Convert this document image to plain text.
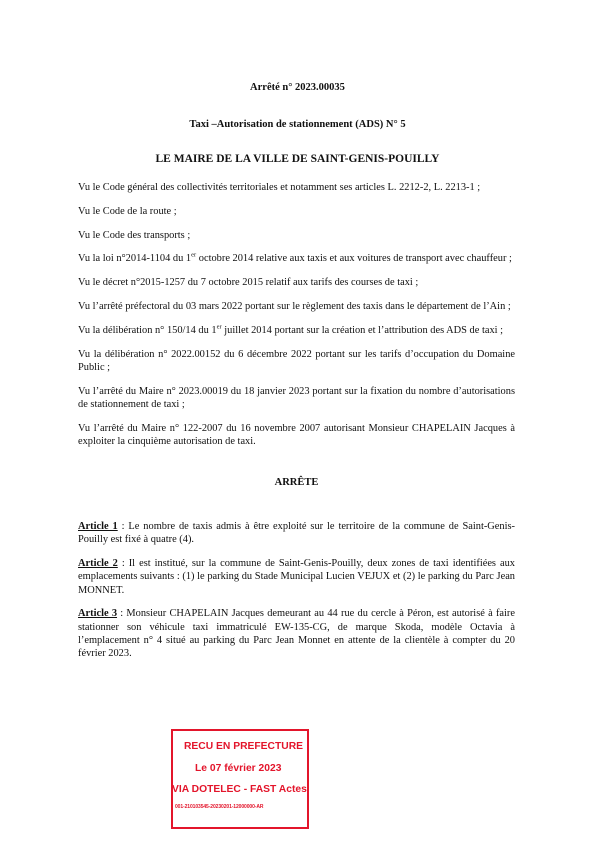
Arrêté n° 2023.00035
Taxi –Autorisation de stationnement (ADS) N° 5
LE MAIRE DE LA VILLE DE SAINT-GENIS-POUILLY

Vu le Code général des collectivités territoriales et notamment ses articles L. 2212-2, L. 2213-1 ;

Vu le Code de la route ;

Vu le Code des transports ;

Vu la loi n°2014-1104 du 1er octobre 2014 relative aux taxis et aux voitures de transport avec chauffeur ;

Vu le décret n°2015-1257 du 7 octobre 2015 relatif aux tarifs des courses de taxi ;

Vu l’arrêté préfectoral du 03 mars 2022 portant sur le règlement des taxis dans le département de l’Ain ;

Vu la délibération n° 150/14 du 1er juillet 2014 portant sur la création et l’attribution des ADS de taxi ;

Vu la délibération n° 2022.00152 du 6 décembre 2022 portant sur les tarifs d’occupation du Domaine Public ;

Vu l’arrêté du Maire n° 2023.00019 du 18 janvier 2023 portant sur la fixation du nombre d’autorisations de stationnement de taxi ;

Vu l’arrêté du Maire n° 122-2007 du 16 novembre 2007 autorisant Monsieur CHAPELAIN Jacques à exploiter la cinquième autorisation de taxi.

ARRÊTE

Article 1 : Le nombre de taxis admis à être exploité sur le territoire de la commune de Saint-Genis-Pouilly est fixé à quatre (4).

Article 2 : Il est institué, sur la commune de Saint-Genis-Pouilly, deux zones de taxi identifiées aux emplacements suivants : (1) le parking du Stade Municipal Lucien VEJUX et (2) le parking du Parc Jean MONNET.

Article 3 : Monsieur CHAPELAIN Jacques demeurant au 44 rue du cercle à Péron, est autorisé à faire stationner son véhicule taxi immatriculé EW-135-CG, de marque Skoda, modèle Octavia à l’emplacement n° 4 situé au parking du Parc Jean Monnet en attente de la clientèle à compter du 20 février 2023.

RECU EN PREFECTURE
Le 07 février 2023
VIA DOTELEC - FAST Actes
001-210103545-20230201-12000000-AR
